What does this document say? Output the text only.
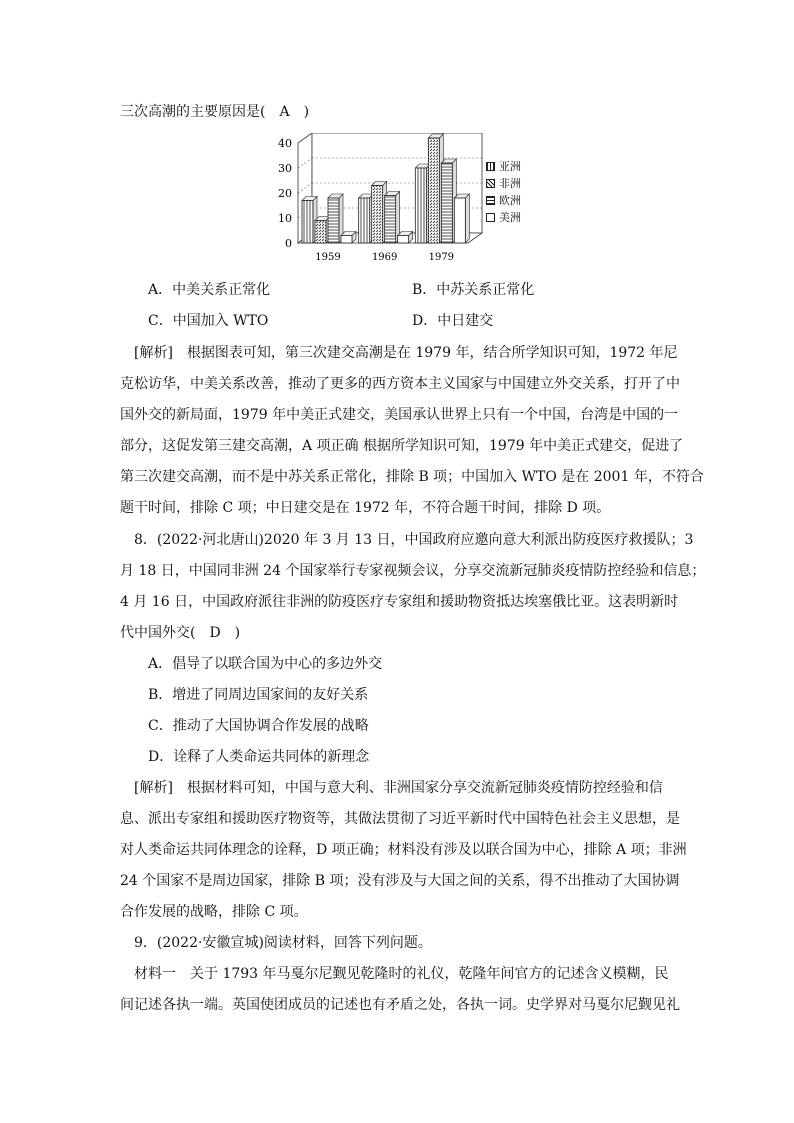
三次高潮的主要原因是(　A　)
0
10
20
30
40
1959	1969	1979
亚洲
非洲
欧洲
美洲
A．中美关系正常化	B．中苏关系正常化
C．中国加入 WTO	D．中日建交
　[解析]　根据图表可知，第三次建交高潮是在 1979 年，结合所学知识可知，1972 年尼
克松访华，中美关系改善，推动了更多的西方资本主义国家与中国建立外交关系，打开了中
国外交的新局面，1979 年中美正式建交，美国承认世界上只有一个中国，台湾是中国的一
部分，这促发第三建交高潮，A 项正确 根据所学知识可知，1979 年中美正式建交，促进了
第三次建交高潮，而不是中苏关系正常化，排除 B 项；中国加入 WTO 是在 2001 年，不符合
题干时间，排除 C 项；中日建交是在 1972 年，不符合题干时间，排除 D 项。
　8．(2022·河北唐山)2020 年 3 月 13 日，中国政府应邀向意大利派出防疫医疗救援队；3
月 18 日，中国同非洲 24 个国家举行专家视频会议，分享交流新冠肺炎疫情防控经验和信息；
4 月 16 日，中国政府派往非洲的防疫医疗专家组和援助物资抵达埃塞俄比亚。这表明新时
代中国外交(　D　)
A．倡导了以联合国为中心的多边外交
B．增进了同周边国家间的友好关系
C．推动了大国协调合作发展的战略
D．诠释了人类命运共同体的新理念
　[解析]　根据材料可知，中国与意大利、非洲国家分享交流新冠肺炎疫情防控经验和信
息、派出专家组和援助医疗物资等，其做法贯彻了习近平新时代中国特色社会主义思想，是
对人类命运共同体理念的诠释，D 项正确；材料没有涉及以联合国为中心，排除 A 项；非洲
24 个国家不是周边国家，排除 B 项；没有涉及与大国之间的关系，得不出推动了大国协调
合作发展的战略，排除 C 项。
　9．(2022·安徽宣城)阅读材料，回答下列问题。
　材料一　关于 1793 年马戛尔尼觐见乾隆时的礼仪，乾隆年间官方的记述含义模糊，民
间记述各执一端。英国使团成员的记述也有矛盾之处，各执一词。史学界对马戛尔尼觐见礼
